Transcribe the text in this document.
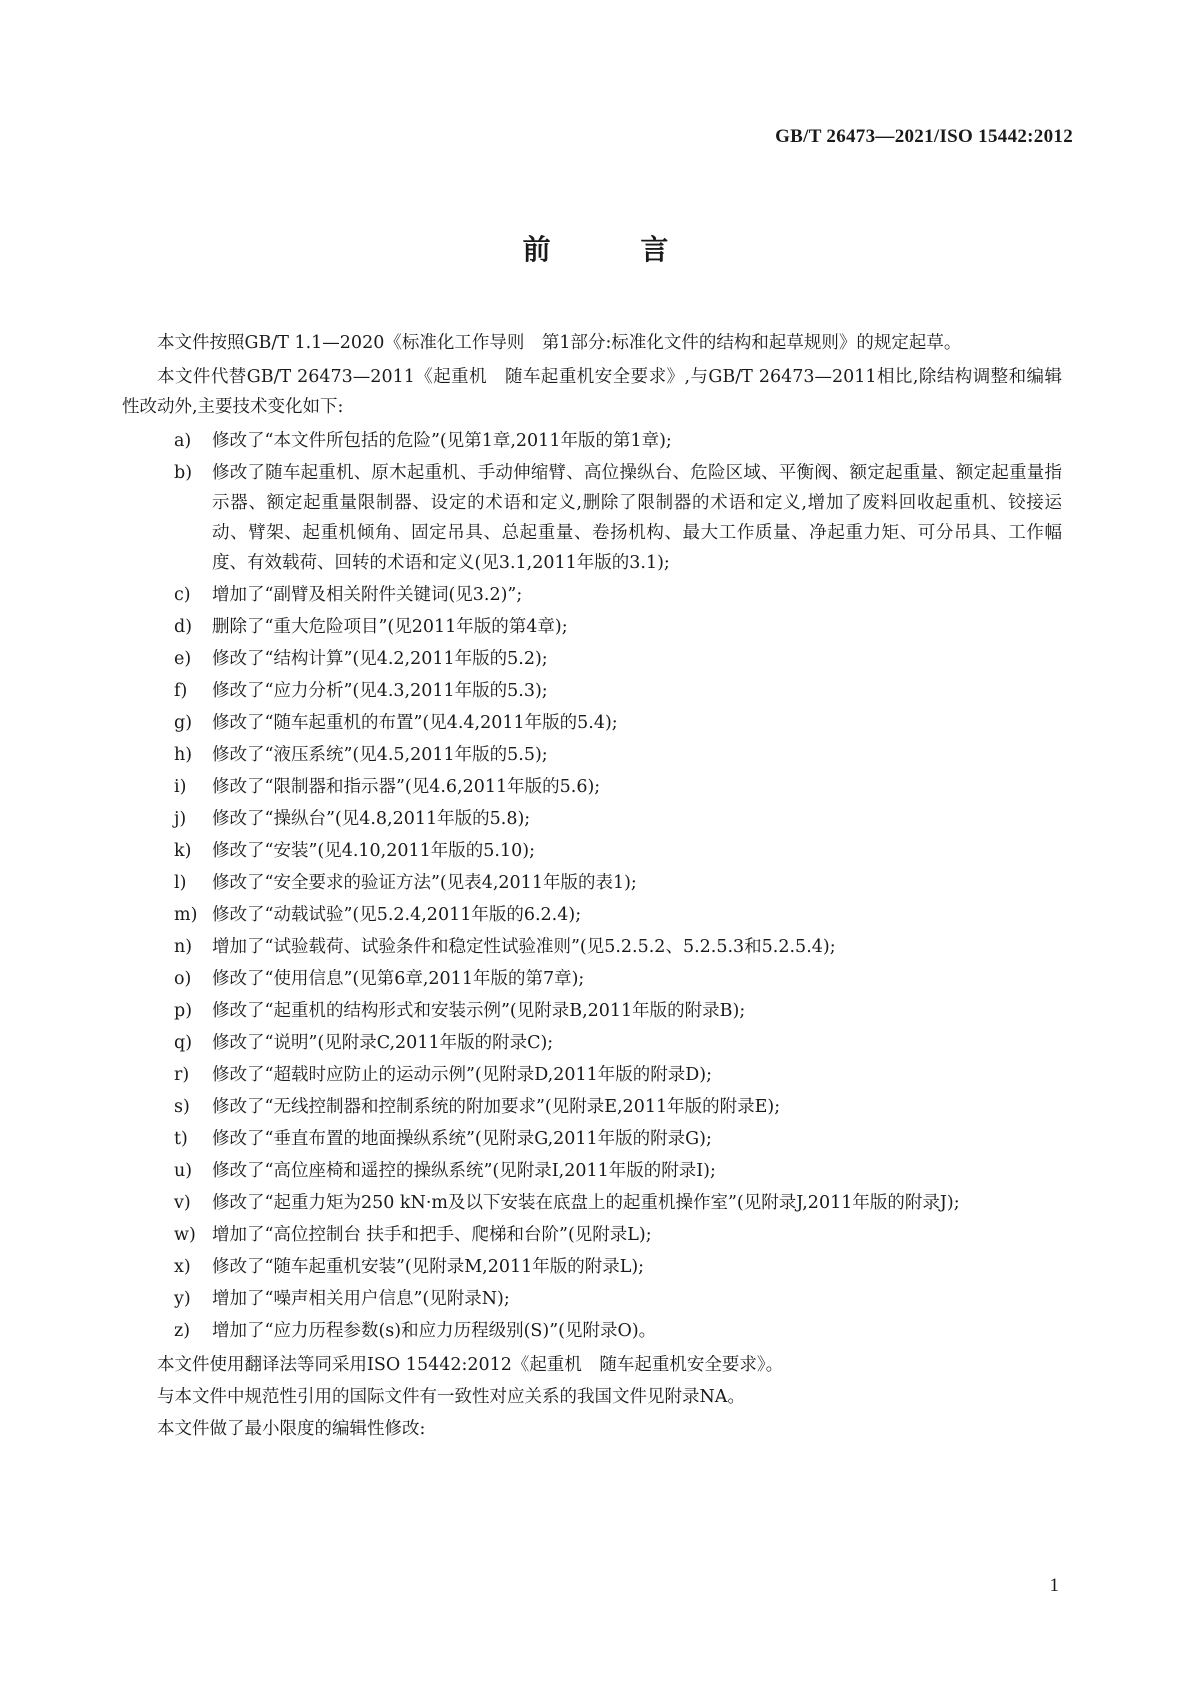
GB/T 26473—2021/ISO 15442:2012
前 言

本文件按照GB/T 1.1—2020《标准化工作导则　第1部分:标准化文件的结构和起草规则》的规定起草。

本文件代替GB/T 26473—2011《起重机　随车起重机安全要求》,与GB/T 26473—2011相比,除结构调整和编辑性改动外,主要技术变化如下:

a) 修改了“本文件所包括的危险”(见第1章,2011年版的第1章);
b) 修改了随车起重机、原木起重机、手动伸缩臂、高位操纵台、危险区域、平衡阀、额定起重量、额定起重量指示器、额定起重量限制器、设定的术语和定义,删除了限制器的术语和定义,增加了废料回收起重机、铰接运动、臂架、起重机倾角、固定吊具、总起重量、卷扬机构、最大工作质量、净起重力矩、可分吊具、工作幅度、有效载荷、回转的术语和定义(见3.1,2011年版的3.1);
c) 增加了“副臂及相关附件关键词(见3.2)”;
d) 删除了“重大危险项目”(见2011年版的第4章);
e) 修改了“结构计算”(见4.2,2011年版的5.2);
f) 修改了“应力分析”(见4.3,2011年版的5.3);
g) 修改了“随车起重机的布置”(见4.4,2011年版的5.4);
h) 修改了“液压系统”(见4.5,2011年版的5.5);
i) 修改了“限制器和指示器”(见4.6,2011年版的5.6);
j) 修改了“操纵台”(见4.8,2011年版的5.8);
k) 修改了“安装”(见4.10,2011年版的5.10);
l) 修改了“安全要求的验证方法”(见表4,2011年版的表1);
m) 修改了“动载试验”(见5.2.4,2011年版的6.2.4);
n) 增加了“试验载荷、试验条件和稳定性试验准则”(见5.2.5.2、5.2.5.3和5.2.5.4);
o) 修改了“使用信息”(见第6章,2011年版的第7章);
p) 修改了“起重机的结构形式和安装示例”(见附录B,2011年版的附录B);
q) 修改了“说明”(见附录C,2011年版的附录C);
r) 修改了“超载时应防止的运动示例”(见附录D,2011年版的附录D);
s) 修改了“无线控制器和控制系统的附加要求”(见附录E,2011年版的附录E);
t) 修改了“垂直布置的地面操纵系统”(见附录G,2011年版的附录G);
u) 修改了“高位座椅和遥控的操纵系统”(见附录I,2011年版的附录I);
v) 修改了“起重力矩为250 kN·m及以下安装在底盘上的起重机操作室”(见附录J,2011年版的附录J);
w) 增加了“高位控制台 扶手和把手、爬梯和台阶”(见附录L);
x) 修改了“随车起重机安装”(见附录M,2011年版的附录L);
y) 增加了“噪声相关用户信息”(见附录N);
z) 增加了“应力历程参数(s)和应力历程级别(S)”(见附录O)。

本文件使用翻译法等同采用ISO 15442:2012《起重机　随车起重机安全要求》。

与本文件中规范性引用的国际文件有一致性对应关系的我国文件见附录NA。

本文件做了最小限度的编辑性修改:

1
